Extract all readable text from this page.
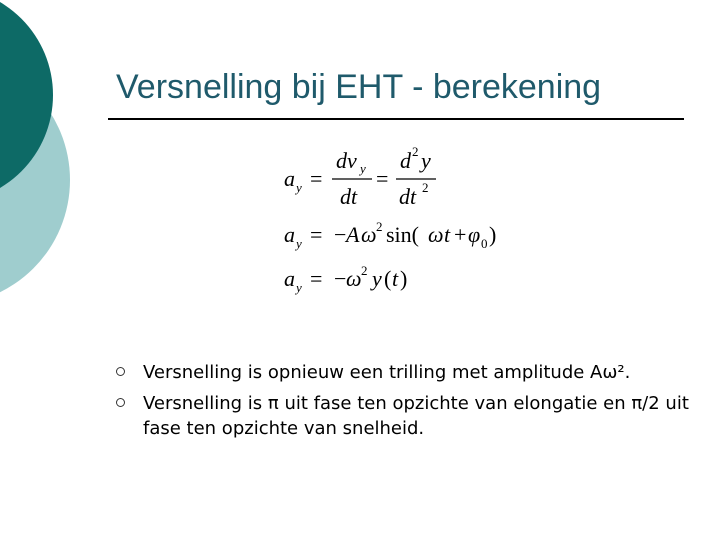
Versnelling bij EHT - berekening
a y =
dv y
dt
=
d 2 y
dt 2
a y = − A ω 2 sin( ω t + φ 0 )
a y = − ω 2 y ( t )
Versnelling is opnieuw een trilling met amplitude Aω².
Versnelling is π uit fase ten opzichte van elongatie en π/2 uit fase ten opzichte van snelheid.
